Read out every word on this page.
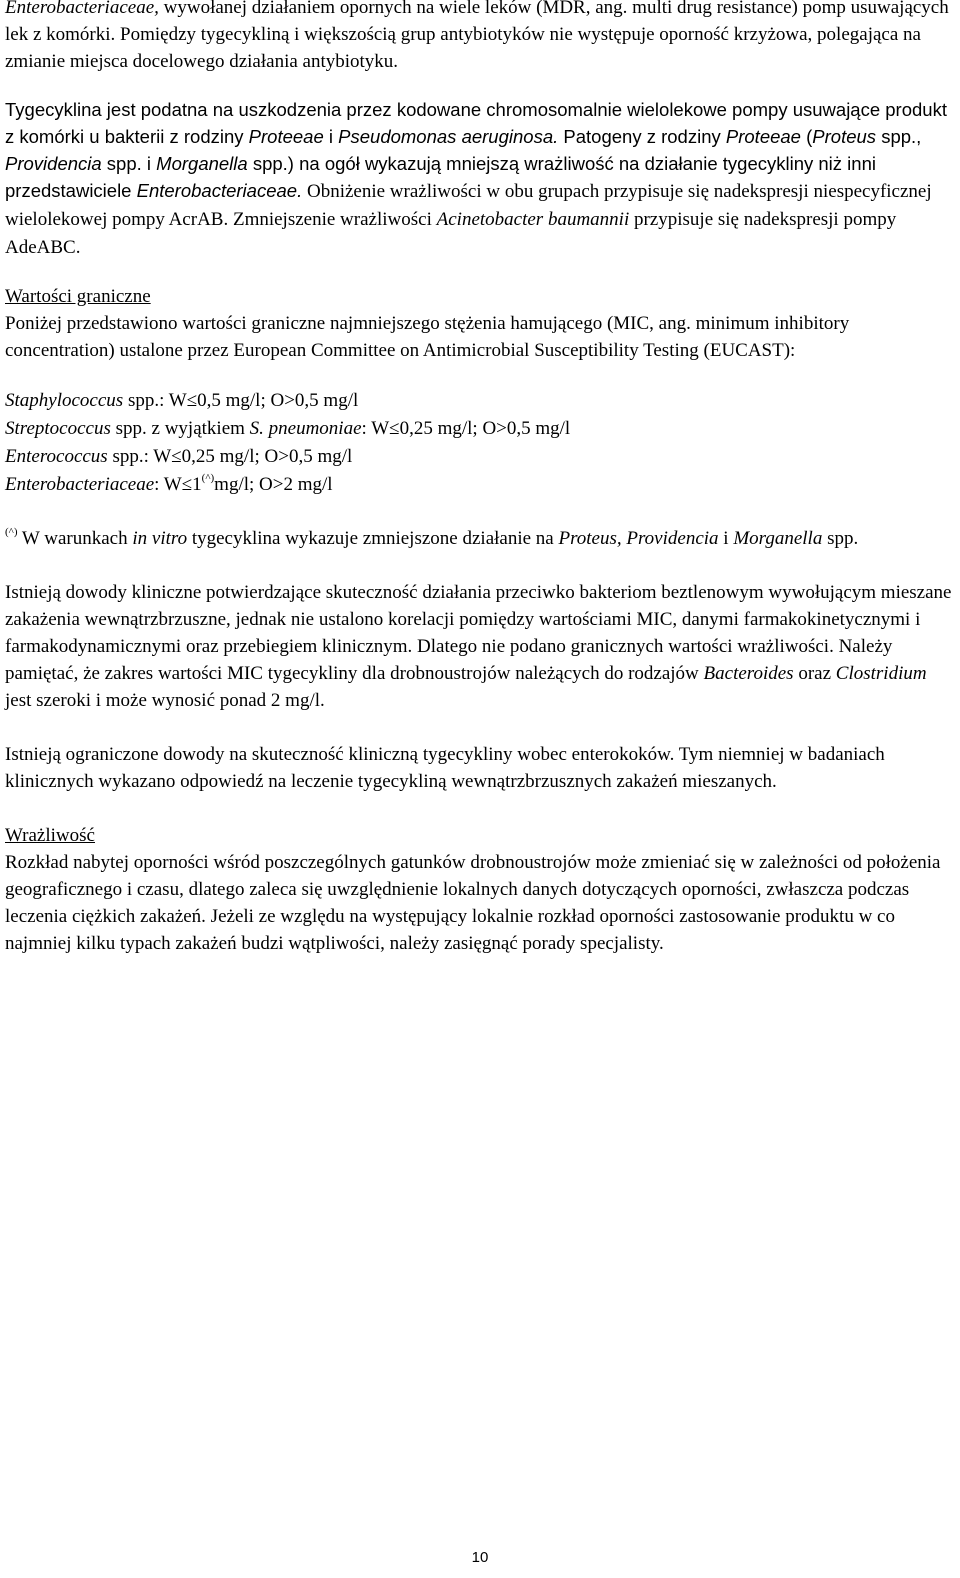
Enterobacteriaceae, wywołanej działaniem opornych na wiele leków (MDR, ang. multi drug resistance) pomp usuwających lek z komórki. Pomiędzy tygecykliną i większością grup antybiotyków nie występuje oporność krzyżowa, polegająca na zmianie miejsca docelowego działania antybiotyku.

Tygecyklina jest podatna na uszkodzenia przez kodowane chromosomalnie wielolekowe pompy usuwające produkt z komórki u bakterii z rodziny Proteeae i Pseudomonas aeruginosa. Patogeny z rodziny Proteeae (Proteus spp., Providencia spp. i Morganella spp.) na ogół wykazują mniejszą wrażliwość na działanie tygecykliny niż inni przedstawiciele Enterobacteriaceae. Obniżenie wrażliwości w obu grupach przypisuje się nadekspresji niespecyficznej wielolekowej pompy AcrAB. Zmniejszenie wrażliwości Acinetobacter baumannii przypisuje się nadekspresji pompy AdeABC.

Wartości graniczne

Poniżej przedstawiono wartości graniczne najmniejszego stężenia hamującego (MIC, ang. minimum inhibitory concentration) ustalone przez European Committee on Antimicrobial Susceptibility Testing (EUCAST):

Staphylococcus spp.: W≤0,5 mg/l; O>0,5 mg/l

Streptococcus spp. z wyjątkiem S. pneumoniae: W≤0,25 mg/l; O>0,5 mg/l

Enterococcus spp.: W≤0,25 mg/l; O>0,5 mg/l

Enterobacteriaceae: W≤1(^)mg/l; O>2 mg/l

(^) W warunkach in vitro tygecyklina wykazuje zmniejszone działanie na Proteus, Providencia i Morganella spp.

Istnieją dowody kliniczne potwierdzające skuteczność działania przeciwko bakteriom beztlenowym wywołującym mieszane zakażenia wewnątrzbrzuszne, jednak nie ustalono korelacji pomiędzy wartościami MIC, danymi farmakokinetycznymi i farmakodynamicznymi oraz przebiegiem klinicznym. Dlatego nie podano granicznych wartości wrażliwości. Należy pamiętać, że zakres wartości MIC tygecykliny dla drobnoustrojów należących do rodzajów Bacteroides oraz Clostridium jest szeroki i może wynosić ponad 2 mg/l.

Istnieją ograniczone dowody na skuteczność kliniczną tygecykliny wobec enterokoków. Tym niemniej w badaniach klinicznych wykazano odpowiedź na leczenie tygecykliną wewnątrzbrzusznych zakażeń mieszanych.

Wrażliwość

Rozkład nabytej oporności wśród poszczególnych gatunków drobnoustrojów może zmieniać się w zależności od położenia geograficznego i czasu, dlatego zaleca się uwzględnienie lokalnych danych dotyczących oporności, zwłaszcza podczas leczenia ciężkich zakażeń. Jeżeli ze względu na występujący lokalnie rozkład oporności zastosowanie produktu w co najmniej kilku typach zakażeń budzi wątpliwości, należy zasięgnąć porady specjalisty.

10
